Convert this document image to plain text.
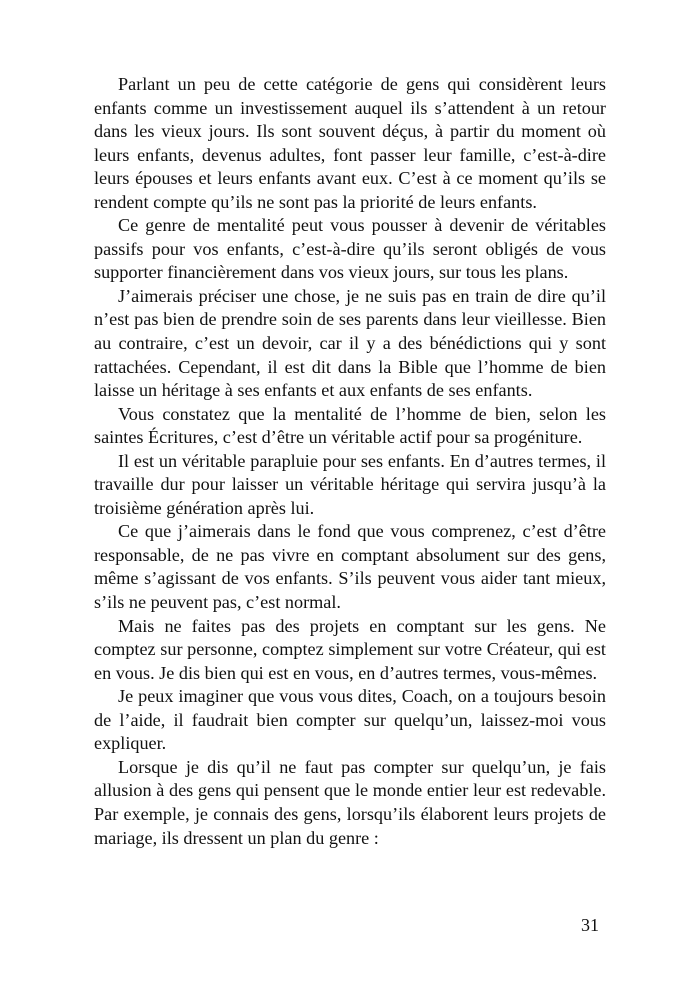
Parlant un peu de cette catégorie de gens qui considèrent leurs enfants comme un investissement auquel ils s’attendent à un retour dans les vieux jours. Ils sont souvent déçus, à partir du moment où leurs enfants, devenus adultes, font passer leur famille, c’est-à-dire leurs épouses et leurs enfants avant eux. C’est à ce moment qu’ils se rendent compte qu’ils ne sont pas la priorité de leurs enfants.

Ce genre de mentalité peut vous pousser à devenir de véritables passifs pour vos enfants, c’est-à-dire qu’ils seront obligés de vous supporter financièrement dans vos vieux jours, sur tous les plans.

J’aimerais préciser une chose, je ne suis pas en train de dire qu’il n’est pas bien de prendre soin de ses parents dans leur vieillesse. Bien au contraire, c’est un devoir, car il y a des bénédictions qui y sont rattachées. Cependant, il est dit dans la Bible que l’homme de bien laisse un héritage à ses enfants et aux enfants de ses enfants.

Vous constatez que la mentalité de l’homme de bien, selon les saintes Écritures, c’est d’être un véritable actif pour sa progéniture.

Il est un véritable parapluie pour ses enfants. En d’autres termes, il travaille dur pour laisser un véritable héritage qui servira jusqu’à la troisième génération après lui.

Ce que j’aimerais dans le fond que vous comprenez, c’est d’être responsable, de ne pas vivre en comptant absolument sur des gens, même s’agissant de vos enfants. S’ils peuvent vous aider tant mieux, s’ils ne peuvent pas, c’est normal.

Mais ne faites pas des projets en comptant sur les gens. Ne comptez sur personne, comptez simplement sur votre Créateur, qui est en vous. Je dis bien qui est en vous, en d’autres termes, vous-mêmes.

Je peux imaginer que vous vous dites, Coach, on a toujours besoin de l’aide, il faudrait bien compter sur quelqu’un, laissez-moi vous expliquer.

Lorsque je dis qu’il ne faut pas compter sur quelqu’un, je fais allusion à des gens qui pensent que le monde entier leur est redevable. Par exemple, je connais des gens, lorsqu’ils élaborent leurs projets de mariage, ils dressent un plan du genre :

31
